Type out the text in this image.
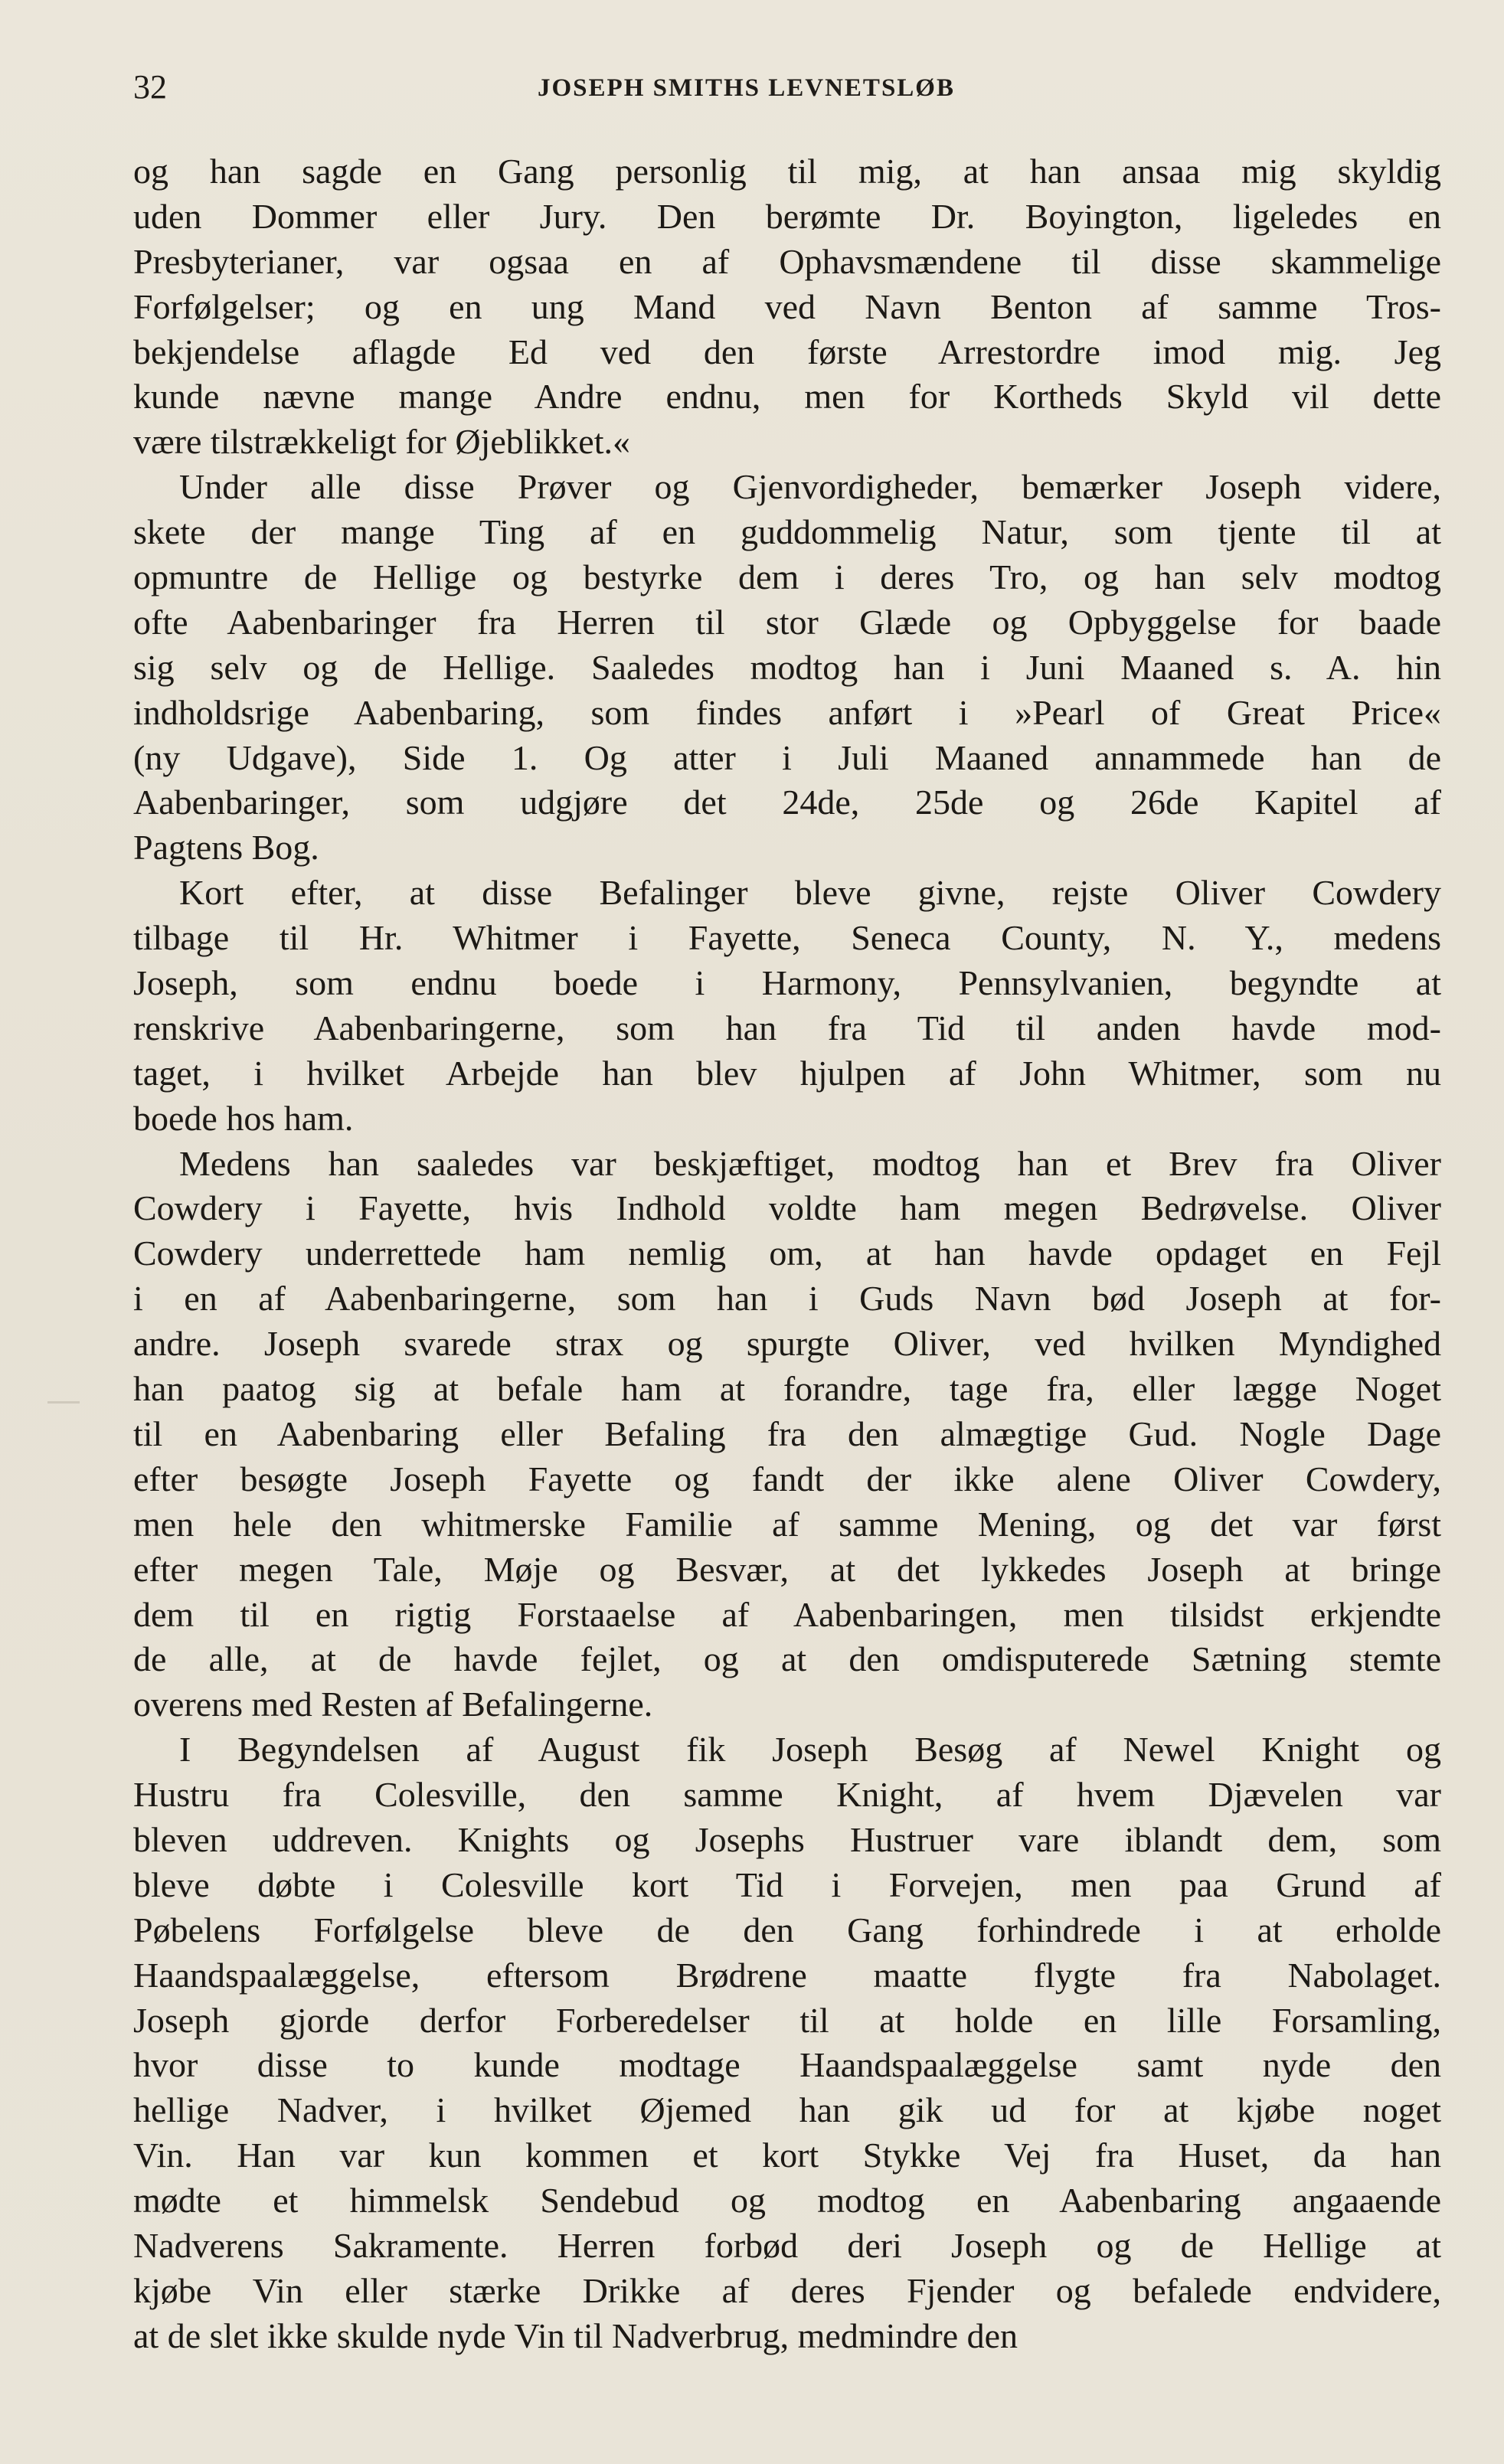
32	JOSEPH SMITHS LEVNETSLØB
og han sagde en Gang personlig til mig, at han ansaa mig skyldig
uden Dommer eller Jury. Den berømte Dr. Boyington, ligeledes en
Presbyterianer, var ogsaa en af Ophavsmændene til disse skammelige
Forfølgelser; og en ung Mand ved Navn Benton af samme Tros-
bekjendelse aflagde Ed ved den første Arrestordre imod mig. Jeg
kunde nævne mange Andre endnu, men for Kortheds Skyld vil dette
være tilstrækkeligt for Øjeblikket.«
Under alle disse Prøver og Gjenvordigheder, bemærker Joseph videre,
skete der mange Ting af en guddommelig Natur, som tjente til at
opmuntre de Hellige og bestyrke dem i deres Tro, og han selv modtog
ofte Aabenbaringer fra Herren til stor Glæde og Opbyggelse for baade
sig selv og de Hellige. Saaledes modtog han i Juni Maaned s. A. hin
indholdsrige Aabenbaring, som findes anført i »Pearl of Great Price«
(ny Udgave), Side 1. Og atter i Juli Maaned annammede han de
Aabenbaringer, som udgjøre det 24de, 25de og 26de Kapitel af
Pagtens Bog.
Kort efter, at disse Befalinger bleve givne, rejste Oliver Cowdery
tilbage til Hr. Whitmer i Fayette, Seneca County, N. Y., medens
Joseph, som endnu boede i Harmony, Pennsylvanien, begyndte at
renskrive Aabenbaringerne, som han fra Tid til anden havde mod-
taget, i hvilket Arbejde han blev hjulpen af John Whitmer, som nu
boede hos ham.
Medens han saaledes var beskjæftiget, modtog han et Brev fra Oliver
Cowdery i Fayette, hvis Indhold voldte ham megen Bedrøvelse. Oliver
Cowdery underrettede ham nemlig om, at han havde opdaget en Fejl
i en af Aabenbaringerne, som han i Guds Navn bød Joseph at for-
andre. Joseph svarede strax og spurgte Oliver, ved hvilken Myndighed
han paatog sig at befale ham at forandre, tage fra, eller lægge Noget
til en Aabenbaring eller Befaling fra den almægtige Gud. Nogle Dage
efter besøgte Joseph Fayette og fandt der ikke alene Oliver Cowdery,
men hele den whitmerske Familie af samme Mening, og det var først
efter megen Tale, Møje og Besvær, at det lykkedes Joseph at bringe
dem til en rigtig Forstaaelse af Aabenbaringen, men tilsidst erkjendte
de alle, at de havde fejlet, og at den omdisputerede Sætning stemte
overens med Resten af Befalingerne.
I Begyndelsen af August fik Joseph Besøg af Newel Knight og
Hustru fra Colesville, den samme Knight, af hvem Djævelen var
bleven uddreven. Knights og Josephs Hustruer vare iblandt dem, som
bleve døbte i Colesville kort Tid i Forvejen, men paa Grund af
Pøbelens Forfølgelse bleve de den Gang forhindrede i at erholde
Haandspaalæggelse, eftersom Brødrene maatte flygte fra Nabolaget.
Joseph gjorde derfor Forberedelser til at holde en lille Forsamling,
hvor disse to kunde modtage Haandspaalæggelse samt nyde den
hellige Nadver, i hvilket Øjemed han gik ud for at kjøbe noget
Vin. Han var kun kommen et kort Stykke Vej fra Huset, da han
mødte et himmelsk Sendebud og modtog en Aabenbaring angaaende
Nadverens Sakramente. Herren forbød deri Joseph og de Hellige at
kjøbe Vin eller stærke Drikke af deres Fjender og befalede endvidere,
at de slet ikke skulde nyde Vin til Nadverbrug, medmindre den
